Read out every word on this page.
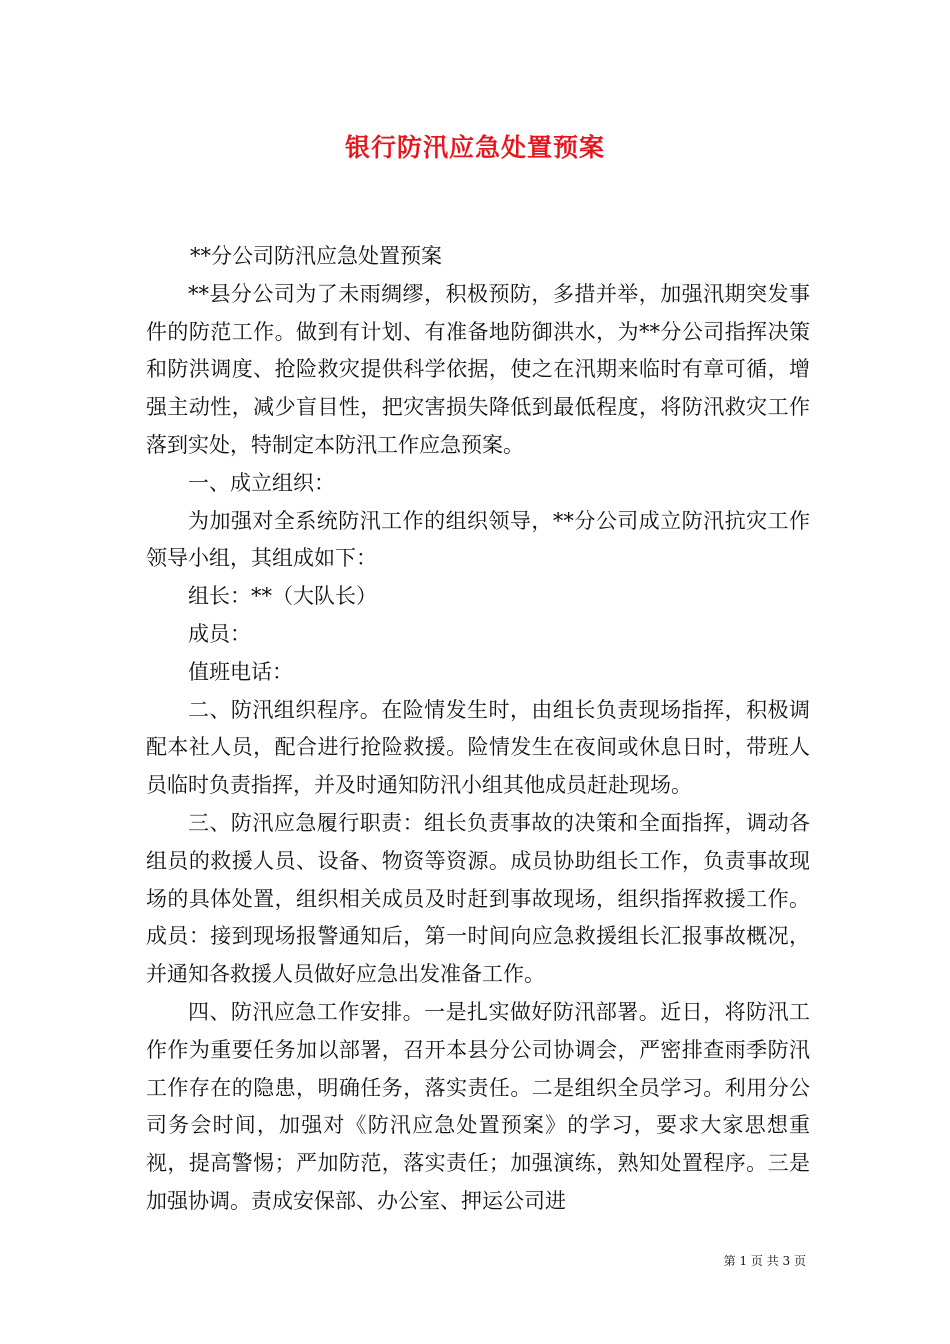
银行防汛应急处置预案

**分公司防汛应急处置预案

**县分公司为了未雨绸缪，积极预防，多措并举，加强汛期突发事件的防范工作。做到有计划、有准备地防御洪水，为**分公司指挥决策和防洪调度、抢险救灾提供科学依据，使之在汛期来临时有章可循，增强主动性，减少盲目性，把灾害损失降低到最低程度，将防汛救灾工作落到实处，特制定本防汛工作应急预案。

一、成立组织：

为加强对全系统防汛工作的组织领导，**分公司成立防汛抗灾工作领导小组，其组成如下：

组长：**（大队长）

成员：

值班电话：

二、防汛组织程序。在险情发生时，由组长负责现场指挥，积极调配本社人员，配合进行抢险救援。险情发生在夜间或休息日时，带班人员临时负责指挥，并及时通知防汛小组其他成员赶赴现场。

三、防汛应急履行职责：组长负责事故的决策和全面指挥，调动各组员的救援人员、设备、物资等资源。成员协助组长工作，负责事故现场的具体处置，组织相关成员及时赶到事故现场，组织指挥救援工作。成员：接到现场报警通知后，第一时间向应急救援组长汇报事故概况，并通知各救援人员做好应急出发准备工作。

四、防汛应急工作安排。一是扎实做好防汛部署。近日，将防汛工作作为重要任务加以部署，召开本县分公司协调会，严密排查雨季防汛工作存在的隐患，明确任务，落实责任。二是组织全员学习。利用分公司务会时间，加强对《防汛应急处置预案》的学习，要求大家思想重视，提高警惕；严加防范，落实责任；加强演练，熟知处置程序。三是加强协调。责成安保部、办公室、押运公司进

第 1 页 共 3 页
